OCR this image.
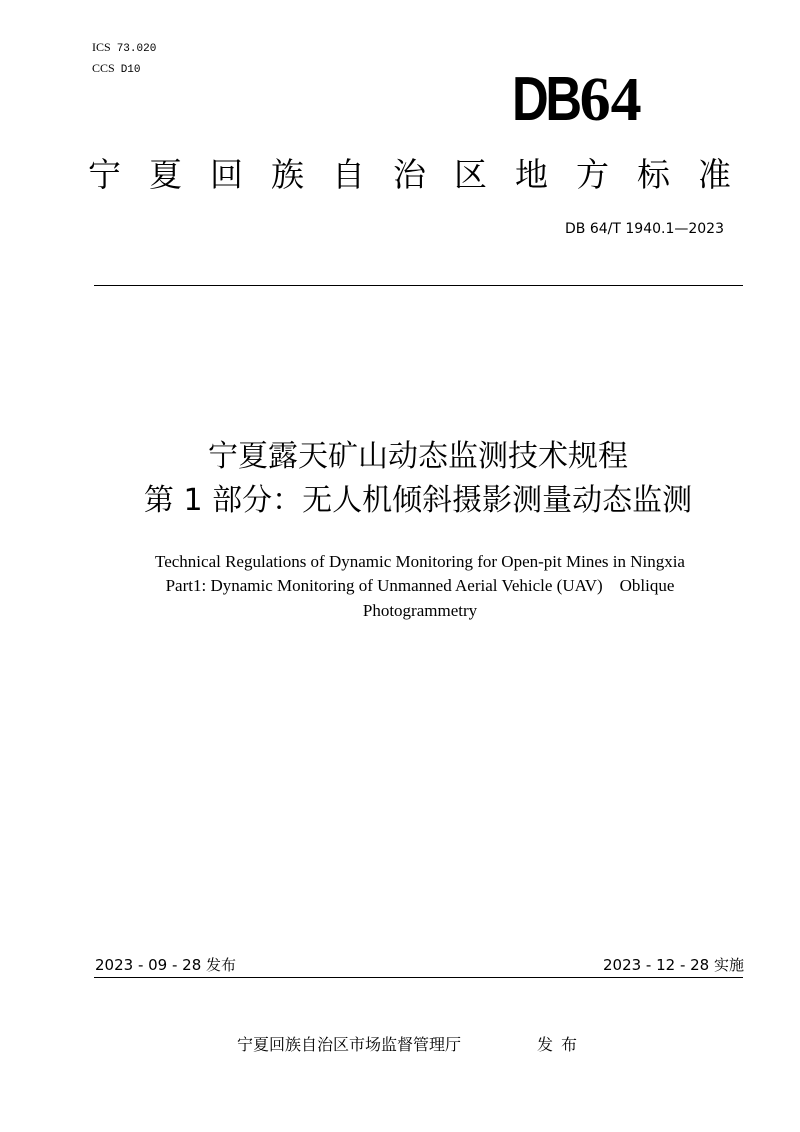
ICS 73.020
CCS D10	DB64
宁夏回族自治区地方标准
DB 64/T 1940.1—2023
宁夏露天矿山动态监测技术规程
第 1 部分：无人机倾斜摄影测量动态监测
Technical Regulations of Dynamic Monitoring for Open-pit Mines in Ningxia
Part1: Dynamic Monitoring of Unmanned Aerial Vehicle (UAV)    Oblique
Photogrammetry
2023 - 09 - 28 发布	2023 - 12 - 28 实施
宁夏回族自治区市场监督管理厅	发布
